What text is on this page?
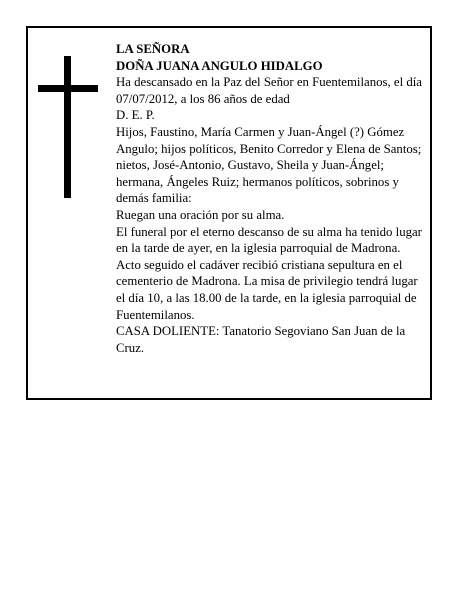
LA SEÑORA

DOÑA JUANA ANGULO HIDALGO

Ha descansado en la Paz del Señor en Fuentemilanos, el día 07/07/2012, a los 86 años de edad

D. E. P.

Hijos, Faustino, María Carmen y Juan-Ángel (?) Gómez Angulo; hijos políticos, Benito Corredor y Elena de Santos; nietos, José-Antonio, Gustavo, Sheila y Juan-Ángel; hermana, Ángeles Ruiz; hermanos políticos, sobrinos y demás familia:

Ruegan una oración por su alma.

El funeral por el eterno descanso de su alma ha tenido lugar en la tarde de ayer, en la iglesia parroquial de Madrona. Acto seguido el cadáver recibió cristiana sepultura en el cementerio de Madrona. La misa de privilegio tendrá lugar el día 10, a las 18.00 de la tarde, en la iglesia parroquial de Fuentemilanos.

CASA DOLIENTE: Tanatorio Segoviano San Juan de la Cruz.
